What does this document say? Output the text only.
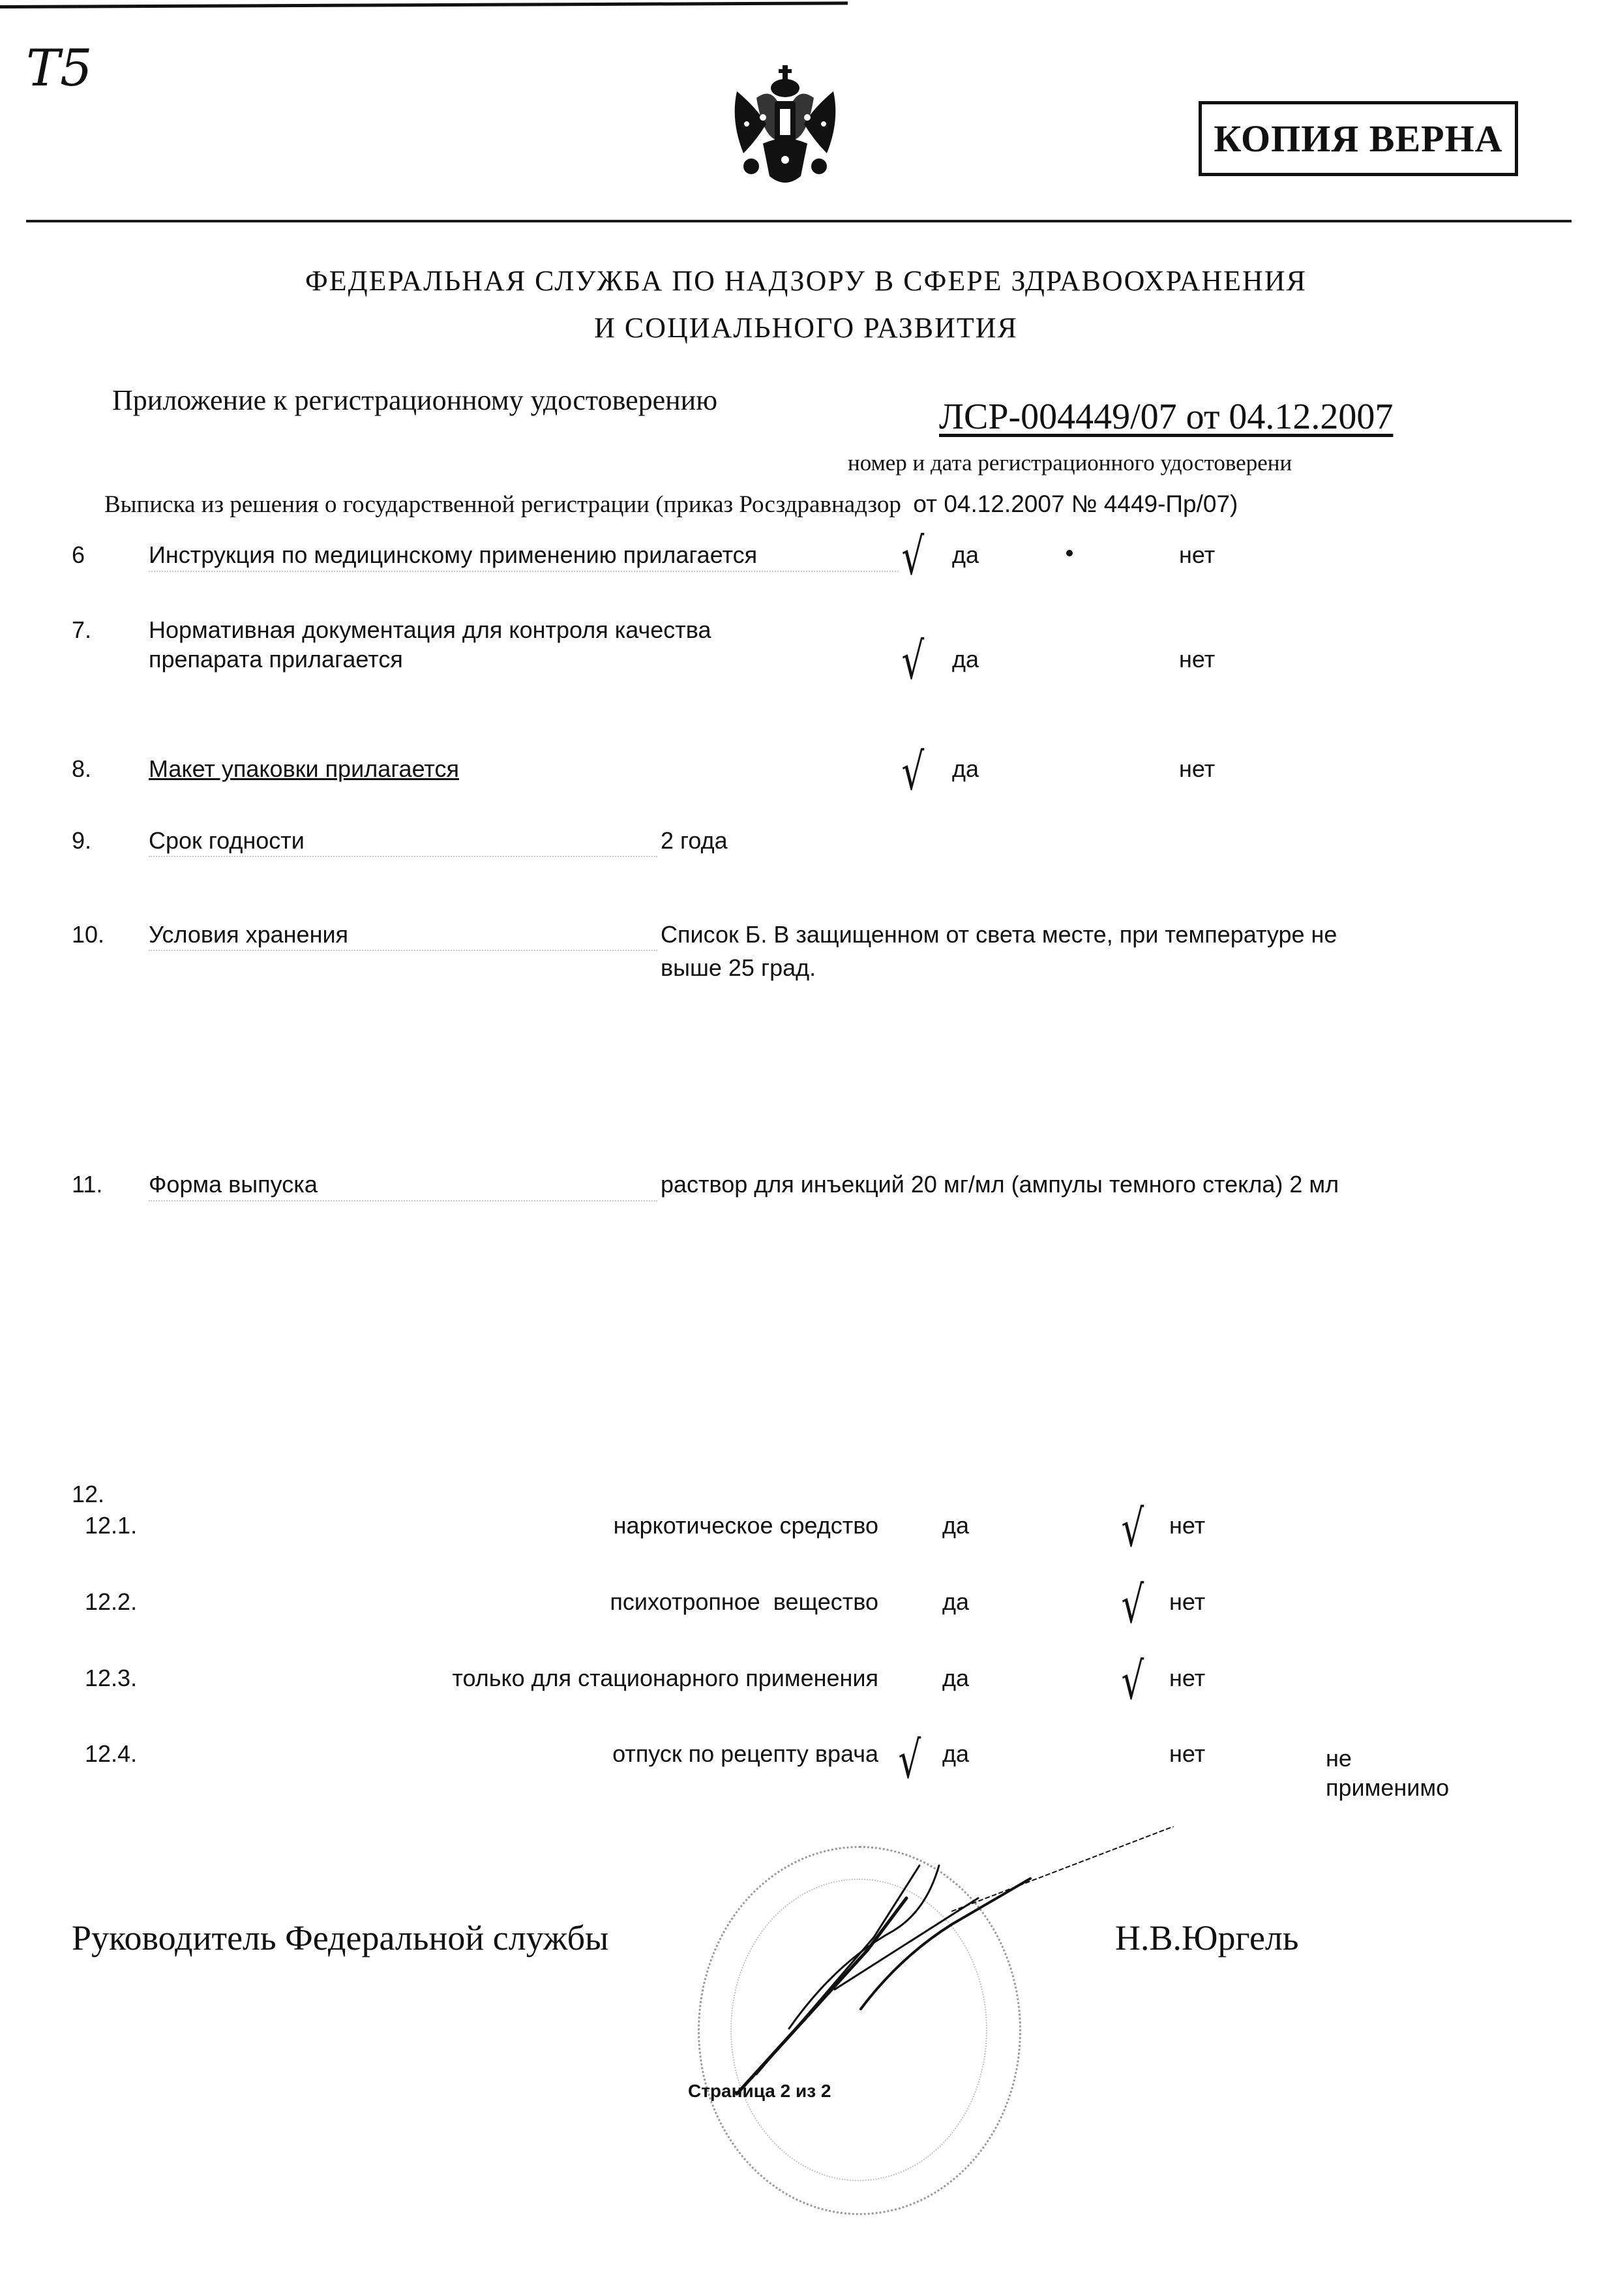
Т5
КОПИЯ ВЕРНА
ФЕДЕРАЛЬНАЯ СЛУЖБА ПО НАДЗОРУ В СФЕРЕ ЗДРАВООХРАНЕНИЯ
И СОЦИАЛЬНОГО РАЗВИТИЯ
Приложение к регистрационному удостоверению	ЛСР-004449/07 от 04.12.2007
номер и дата регистрационного удостоверени
Выписка из решения о государственной регистрации (приказ Росздравнадзор от 04.12.2007 № 4449-Пр/07)
6	Инструкция по медицинскому применению прилагается	√ да	нет
7. Нормативная документация для контроля качества
препарата прилагается	√ да	нет
8. Макет упаковки прилагается	√ да	нет
9. Срок годности	2 года
10. Условия хранения	Список Б. В защищенном от света месте, при температуре не
выше 25 град.
11. Форма выпуска	раствор для инъекций 20 мг/мл (ампулы темного стекла) 2 мл
12.
12.1.	наркотическое средство	да	√ нет
12.2.	психотропное  вещество	да	√ нет
12.3.	только для стационарного применения	да	√ нет
12.4.	отпуск по рецепту врача √ да	нет	не
применимо
Руководитель Федеральной службы	Н.В.Юргель
Страница 2 из 2
